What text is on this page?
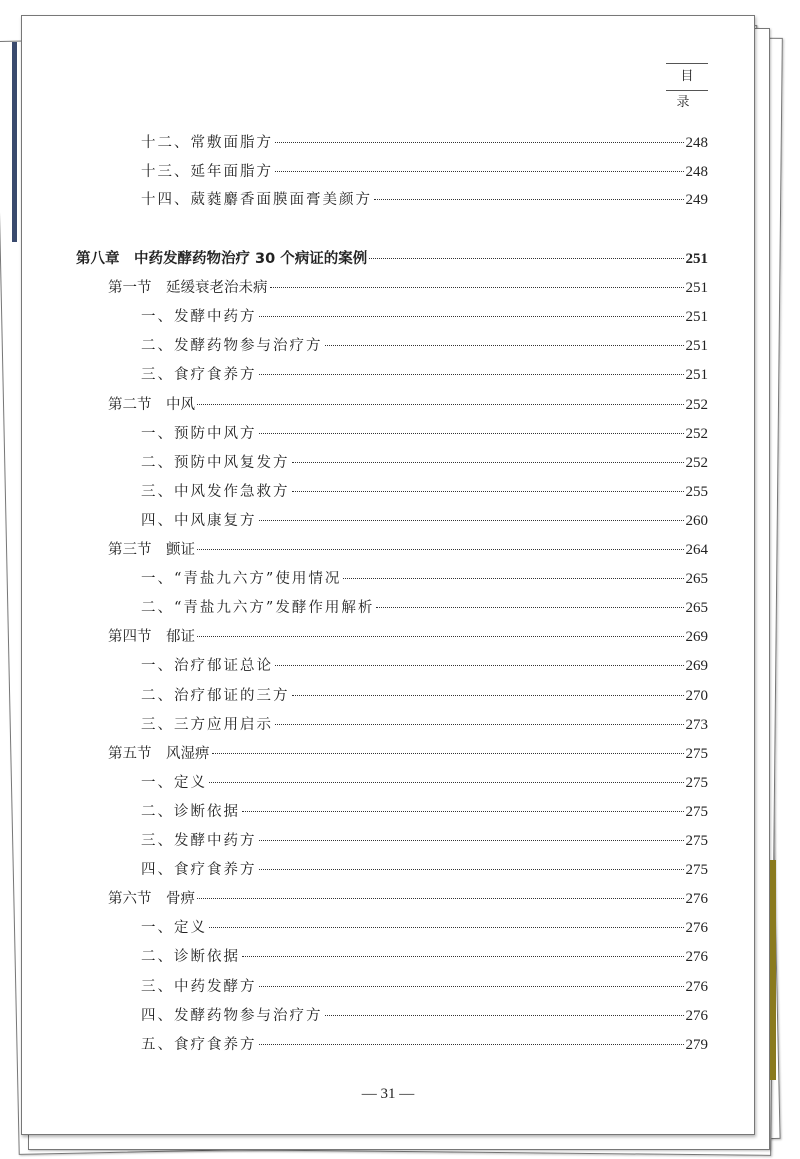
目 录
十二、常敷面脂方	248
十三、延年面脂方	248
十四、葳蕤麝香面膜面膏美颜方	249
第八章　中药发酵药物治疗 30 个病证的案例	251
第一节　延缓衰老治未病	251
一、发酵中药方	251
二、发酵药物参与治疗方	251
三、食疗食养方	251
第二节　中风	252
一、预防中风方	252
二、预防中风复发方	252
三、中风发作急救方	255
四、中风康复方	260
第三节　颤证	264
一、“青盐九六方”使用情况	265
二、“青盐九六方”发酵作用解析	265
第四节　郁证	269
一、治疗郁证总论	269
二、治疗郁证的三方	270
三、三方应用启示	273
第五节　风湿痹	275
一、定义	275
二、诊断依据	275
三、发酵中药方	275
四、食疗食养方	275
第六节　骨痹	276
一、定义	276
二、诊断依据	276
三、中药发酵方	276
四、发酵药物参与治疗方	276
五、食疗食养方	279
— 31 —
